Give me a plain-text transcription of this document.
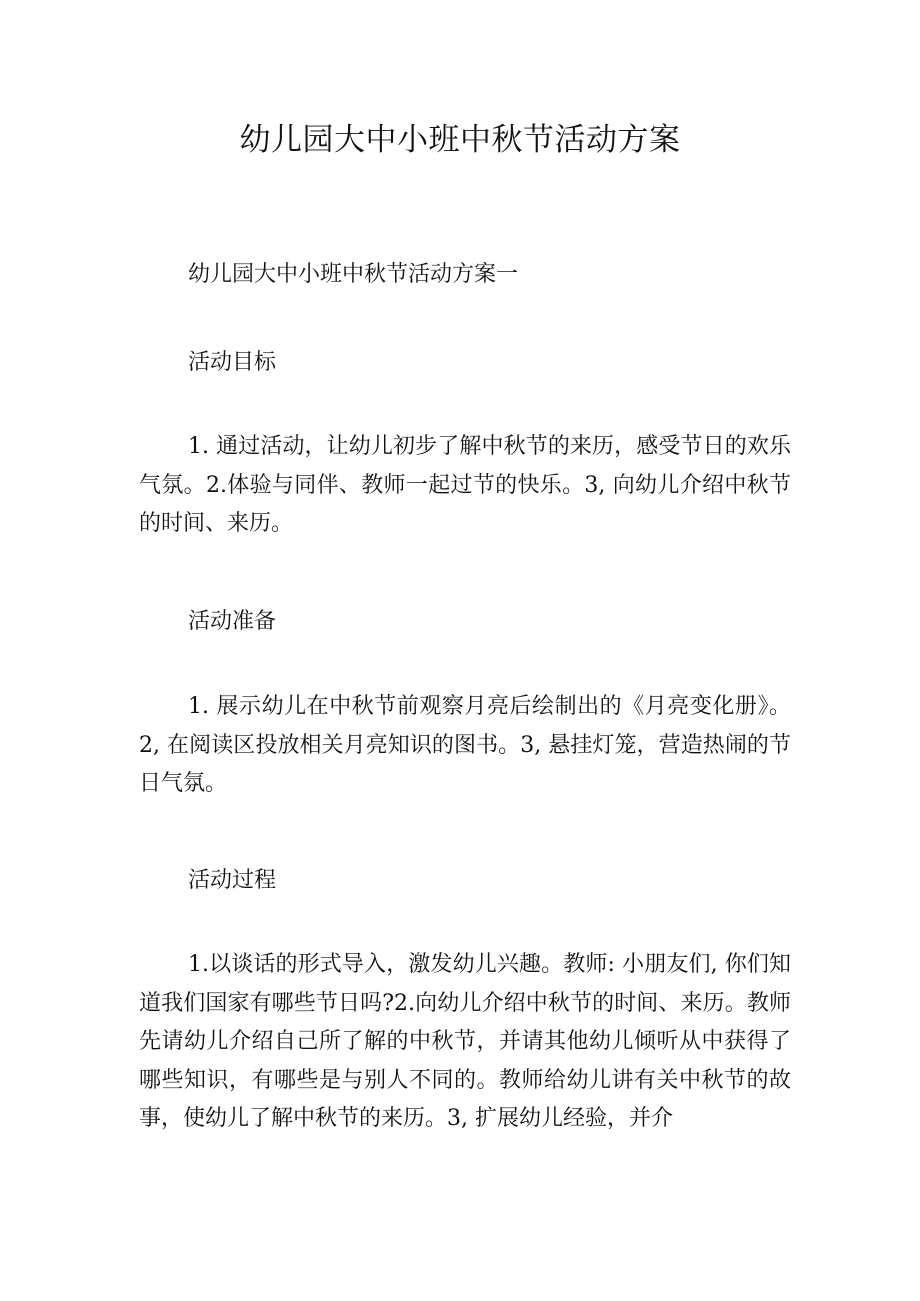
幼儿园大中小班中秋节活动方案

幼儿园大中小班中秋节活动方案一

活动目标

1. 通过活动，让幼儿初步了解中秋节的来历，感受节日的欢乐气氛。2.体验与同伴、教师一起过节的快乐。3, 向幼儿介绍中秋节的时间、来历。

活动准备

1. 展示幼儿在中秋节前观察月亮后绘制出的《月亮变化册》。2, 在阅读区投放相关月亮知识的图书。3, 悬挂灯笼，营造热闹的节日气氛。

活动过程

1.以谈话的形式导入，激发幼儿兴趣。教师: 小朋友们, 你们知道我们国家有哪些节日吗?2.向幼儿介绍中秋节的时间、来历。教师先请幼儿介绍自己所了解的中秋节，并请其他幼儿倾听从中获得了哪些知识，有哪些是与别人不同的。教师给幼儿讲有关中秋节的故事，使幼儿了解中秋节的来历。3, 扩展幼儿经验，并介
